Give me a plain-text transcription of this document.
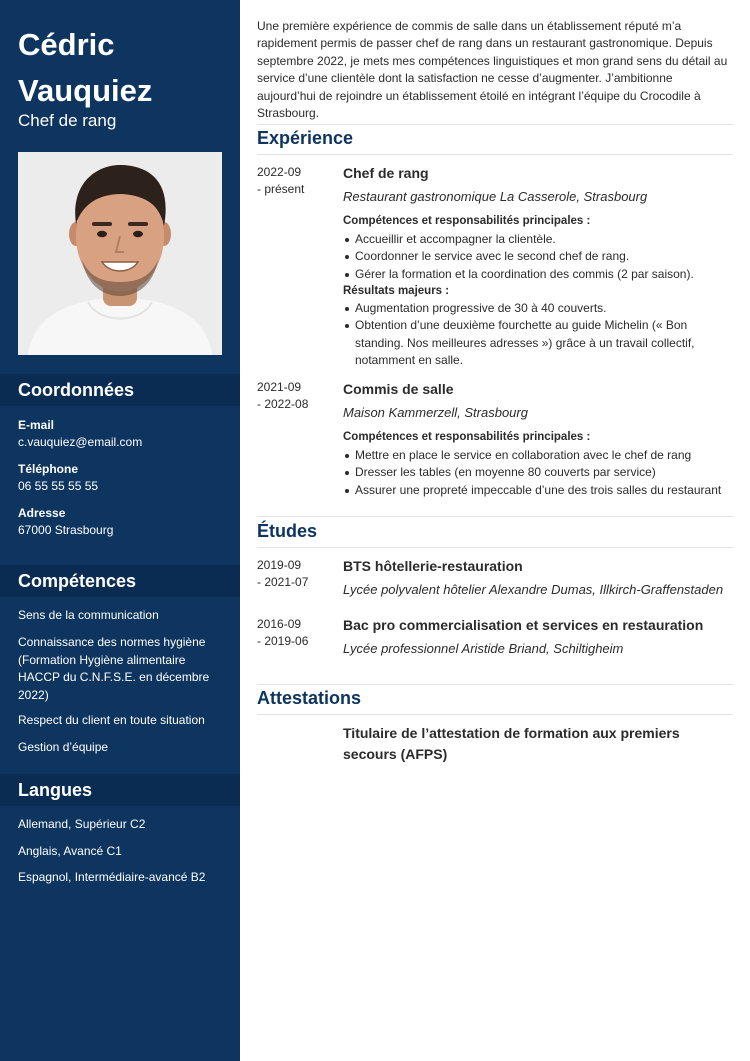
Cédric Vauquiez
Chef de rang
Coordonnées
E-mail
c.vauquiez@email.com
Téléphone
06 55 55 55 55
Adresse
67000 Strasbourg
Compétences
Sens de la communication
Connaissance des normes hygiène (Formation Hygiène alimentaire HACCP du C.N.F.S.E. en décembre 2022)
Respect du client en toute situation
Gestion d’équipe
Langues
Allemand, Supérieur C2
Anglais, Avancé C1
Espagnol, Intermédiaire-avancé B2
Une première expérience de commis de salle dans un établissement réputé m’a rapidement permis de passer chef de rang dans un restaurant gastronomique. Depuis septembre 2022, je mets mes compétences linguistiques et mon grand sens du détail au service d’une clientèle dont la satisfaction ne cesse d’augmenter. J’ambitionne aujourd’hui de rejoindre un établissement étoilé en intégrant l’équipe du Crocodile à Strasbourg.
Expérience
2022-09
- présent
Chef de rang
Restaurant gastronomique La Casserole, Strasbourg
Compétences et responsabilités principales :
Accueillir et accompagner la clientèle.
Coordonner le service avec le second chef de rang.
Gérer la formation et la coordination des commis (2 par saison).
Résultats majeurs :
Augmentation progressive de 30 à 40 couverts.
Obtention d’une deuxième fourchette au guide Michelin (« Bon standing. Nos meilleures adresses ») grâce à un travail collectif, notamment en salle.
2021-09
- 2022-08
Commis de salle
Maison Kammerzell, Strasbourg
Compétences et responsabilités principales :
Mettre en place le service en collaboration avec le chef de rang
Dresser les tables (en moyenne 80 couverts par service)
Assurer une propreté impeccable d’une des trois salles du restaurant
Études
2019-09
- 2021-07
BTS hôtellerie-restauration
Lycée polyvalent hôtelier Alexandre Dumas, Illkirch-Graffenstaden
2016-09
- 2019-06
Bac pro commercialisation et services en restauration
Lycée professionnel Aristide Briand, Schiltigheim
Attestations
Titulaire de l’attestation de formation aux premiers secours (AFPS)
